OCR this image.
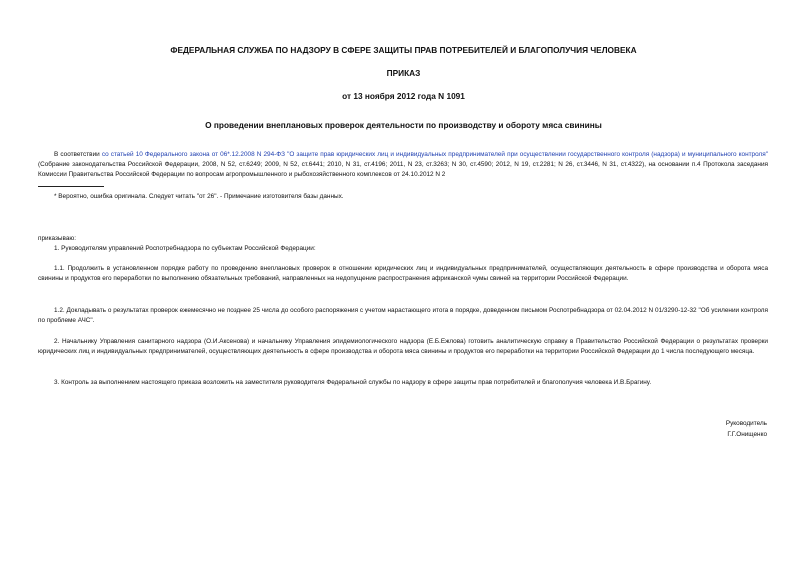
ФЕДЕРАЛЬНАЯ СЛУЖБА ПО НАДЗОРУ В СФЕРЕ ЗАЩИТЫ ПРАВ ПОТРЕБИТЕЛЕЙ И БЛАГОПОЛУЧИЯ ЧЕЛОВЕКА
ПРИКАЗ
от 13 ноября 2012 года N 1091
О проведении внеплановых проверок деятельности по производству и обороту мяса свинины
В соответствии со статьей 10 Федерального закона от 06*.12.2008 N 294-ФЗ "О защите прав юридических лиц и индивидуальных предпринимателей при осуществлении государственного контроля (надзора) и муниципального контроля" (Собрание законодательства Российской Федерации, 2008, N 52, ст.6249; 2009, N 52, ст.6441; 2010, N 31, ст.4196; 2011, N 23, ст.3263; N 30, ст.4590; 2012, N 19, ст.2281; N 26, ст.3446, N 31, ст.4322), на основании п.4 Протокола заседания Комиссии Правительства Российской Федерации по вопросам агропромышленного и рыбохозяйственного комплексов от 24.10.2012 N 2
* Вероятно, ошибка оригинала. Следует читать "от 26". - Примечание изготовителя базы данных.
приказываю:
1. Руководителям управлений Роспотребнадзора по субъектам Российской Федерации:
1.1. Продолжить в установленном порядке работу по проведению внеплановых проверок в отношении юридических лиц и индивидуальных предпринимателей, осуществляющих деятельность в сфере производства и оборота мяса свинины и продуктов его переработки по выполнению обязательных требований, направленных на недопущение распространения африканской чумы свиней на территории Российской Федерации.
1.2. Докладывать о результатах проверок ежемесячно не позднее 25 числа до особого распоряжения с учетом нарастающего итога в порядке, доведенном письмом Роспотребнадзора от 02.04.2012 N 01/3290-12-32 "Об усилении контроля по проблеме АЧС".
2. Начальнику Управления санитарного надзора (О.И.Аксенова) и начальнику Управления эпидемиологического надзора (Е.Б.Ежлова) готовить аналитическую справку в Правительство Российской Федерации о результатах проверки юридических лиц и индивидуальных предпринимателей, осуществляющих деятельность в сфере производства и оборота мяса свинины и продуктов его переработки на территории Российской Федерации до 1 числа последующего месяца.
3. Контроль за выполнением настоящего приказа возложить на заместителя руководителя Федеральной службы по надзору в сфере защиты прав потребителей и благополучия человека И.В.Брагину.
Руководитель
Г.Г.Онищенко
